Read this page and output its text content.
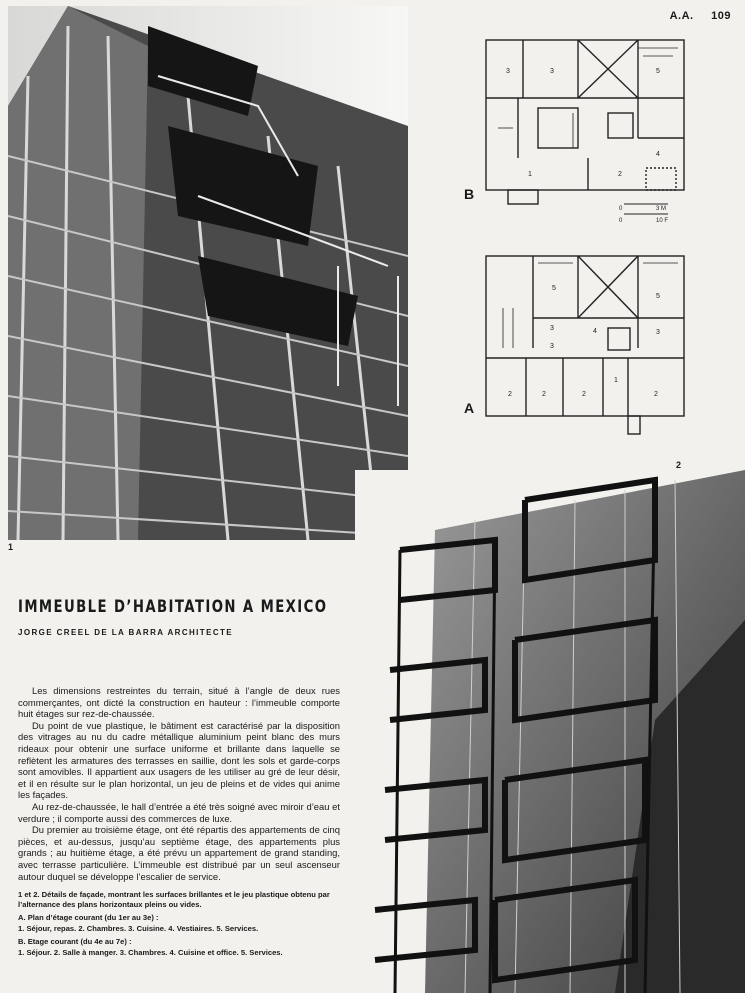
A.A. 109
1
B
3	3	5
1	2
4
0	3 M
0	10 F
A
5
5
3	4
3
3
2	2	2
1
2
2
IMMEUBLE D’HABITATION A MEXICO
JORGE CREEL DE LA BARRA ARCHITECTE

Les dimensions restreintes du terrain, situé à l’angle de deux rues commerçantes, ont dicté la construction en hauteur : l’immeuble comporte huit étages sur rez-de-chaussée.

Du point de vue plastique, le bâtiment est caractérisé par la disposition des vitrages au nu du cadre métallique aluminium peint blanc des murs rideaux pour obtenir une surface uniforme et brillante dans laquelle se reflètent les armatures des terrasses en saillie, dont les sols et garde-corps sont amovibles. Il appartient aux usagers de les utiliser au gré de leur désir, et il en résulte sur le plan horizontal, un jeu de pleins et de vides qui anime les façades.

Au rez-de-chaussée, le hall d’entrée a été très soigné avec miroir d’eau et verdure ; il comporte aussi des commerces de luxe.

Du premier au troisième étage, ont été répartis des appartements de cinq pièces, et au-dessus, jusqu’au septième étage, des appartements plus grands ; au huitième étage, a été prévu un appartement de grand standing, avec terrasse particulière. L’immeuble est distribué par un seul ascenseur autour duquel se développe l’escalier de service.

1 et 2. Détails de façade, montrant les surfaces brillantes et le jeu plastique obtenu par l’alternance des plans horizontaux pleins ou vides.

A. Plan d’étage courant (du 1er au 3e) :

1. Séjour, repas. 2. Chambres. 3. Cuisine. 4. Vestiaires. 5. Services.

B. Etage courant (du 4e au 7e) :

1. Séjour. 2. Salle à manger. 3. Chambres. 4. Cuisine et office. 5. Services.
